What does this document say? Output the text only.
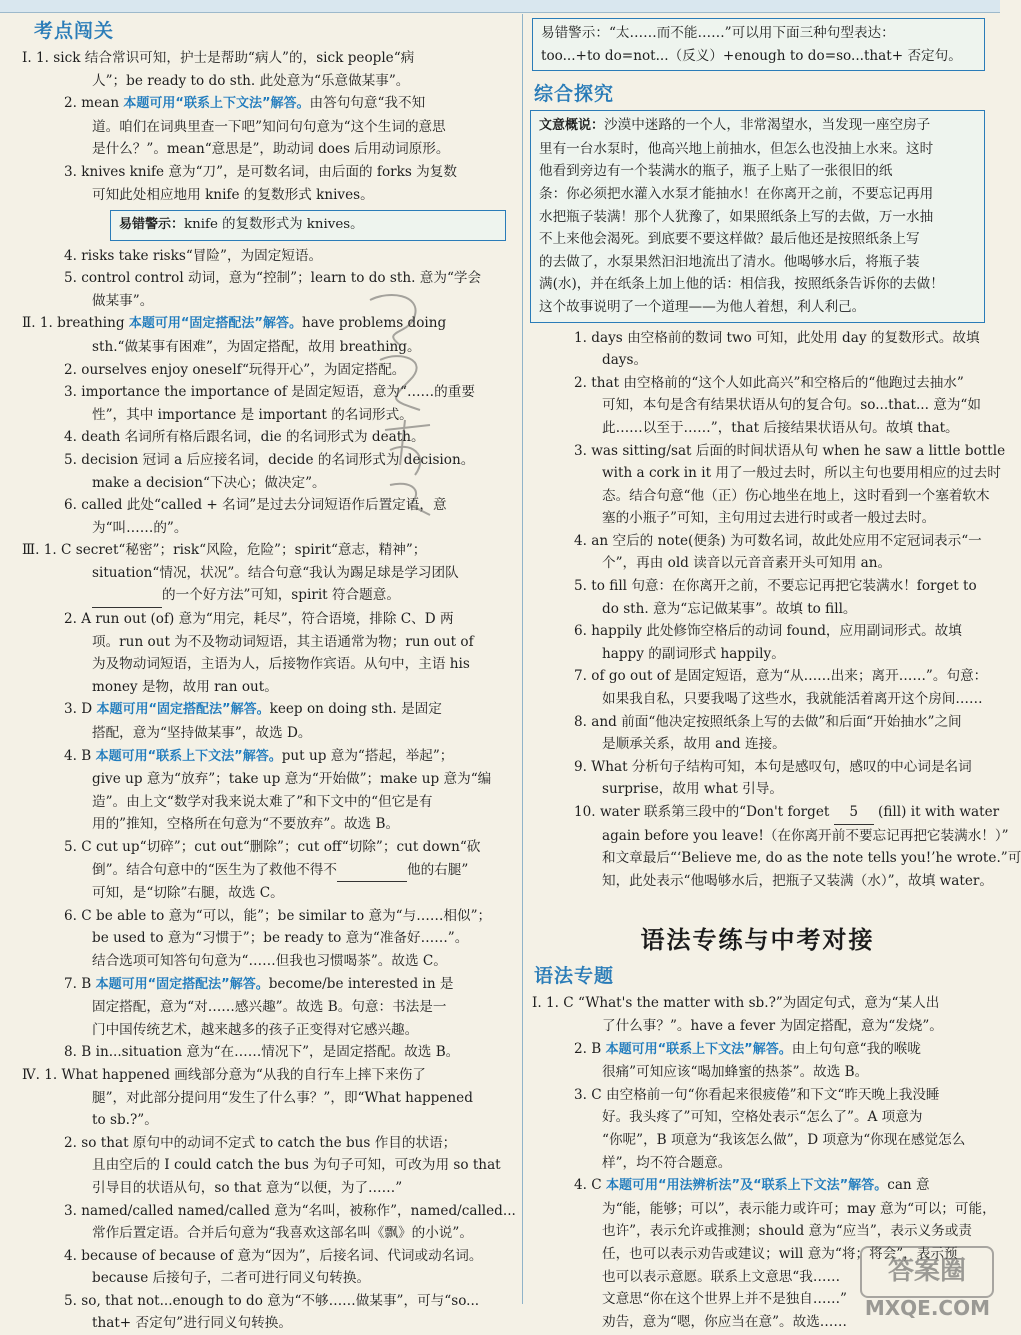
考点闯关
Ⅰ. 1. sick 结合常识可知，护士是帮助“病人”的，sick people“病
人”；be ready to do sth. 此处意为“乐意做某事”。
2. mean 本题可用“联系上下文法”解答。由答句句意“我不知
道。咱们在词典里查一下吧”知问句句意为“这个生词的意思
是什么？”。mean“意思是”，助动词 does 后用动词原形。
3. knives knife 意为“刀”，是可数名词，由后面的 forks 为复数
可知此处相应地用 knife 的复数形式 knives。
易错警示：knife 的复数形式为 knives。
4. risks take risks“冒险”，为固定短语。
5. control control 动词，意为“控制”；learn to do sth. 意为“学会
做某事”。
Ⅱ. 1. breathing 本题可用“固定搭配法”解答。have problems doing
sth.“做某事有困难”，为固定搭配，故用 breathing。
2. ourselves enjoy oneself“玩得开心”，为固定搭配。
3. importance the importance of 是固定短语，意为“……的重要
性”，其中 importance 是 important 的名词形式。
4. death 名词所有格后跟名词，die 的名词形式为 death。
5. decision 冠词 a 后应接名词，decide 的名词形式为 decision。
make a decision“下决心；做决定”。
6. called 此处“called + 名词”是过去分词短语作后置定语，意
为“叫……的”。
Ⅲ. 1. C secret“秘密”；risk“风险，危险”；spirit“意志，精神”；
situation“情况，状况”。结合句意“我认为踢足球是学习团队
的一个好方法”可知，spirit 符合题意。
2. A run out (of) 意为“用完，耗尽”，符合语境，排除 C、D 两
项。run out 为不及物动词短语，其主语通常为物；run out of
为及物动词短语，主语为人，后接物作宾语。从句中，主语 his
money 是物，故用 ran out。
3. D 本题可用“固定搭配法”解答。keep on doing sth. 是固定
搭配，意为“坚持做某事”，故选 D。
4. B 本题可用“联系上下文法”解答。put up 意为“搭起，举起”；
give up 意为“放弃”；take up 意为“开始做”；make up 意为“编
造”。由上文“数学对我来说太难了”和下文中的“但它是有
用的”推知，空格所在句意为“不要放弃”。故选 B。
5. C cut up“切碎”；cut out“删除”；cut off“切除”；cut down“砍
倒”。结合句意中的“医生为了救他不得不	他的右腿”
可知，是“切除”右腿，故选 C。
6. C be able to 意为“可以，能”；be similar to 意为“与……相似”；
be used to 意为“习惯于”；be ready to 意为“准备好……”。
结合选项可知答句句意为“……但我也习惯喝茶”。故选 C。
7. B 本题可用“固定搭配法”解答。become/be interested in 是
固定搭配，意为“对……感兴趣”。故选 B。句意：书法是一
门中国传统艺术，越来越多的孩子正变得对它感兴趣。
8. B in...situation 意为“在……情况下”，是固定搭配。故选 B。
Ⅳ. 1. What happened 画线部分意为“从我的自行车上摔下来伤了
腿”，对此部分提问用“发生了什么事？”，即“What happened
to sb.?”。
2. so that 原句中的动词不定式 to catch the bus 作目的状语；
且由空后的 I could catch the bus 为句子可知，可改为用 so that
引导目的状语从句，so that 意为“以便，为了……”
3. named/called named/called 意为“名叫，被称作”，named/called...
常作后置定语。合并后句意为“我喜欢这部名叫《飘》的小说”。
4. because of because of 意为“因为”，后接名词、代词或动名词。
because 后接句子，二者可进行同义句转换。
5. so, that not...enough to do 意为“不够……做某事”，可与“so...
that+ 否定句”进行同义句转换。
易错警示：“太……而不能……”可以用下面三种句型表达：
too...+to do=not...（反义）+enough to do=so...that+ 否定句。
综合探究
文意概说：沙漠中迷路的一个人，非常渴望水，当发现一座空房子
里有一台水泵时，他高兴地上前抽水，但怎么也没抽上水来。这时
他看到旁边有一个装满水的瓶子，瓶子上贴了一张很旧的纸
条：你必须把水灌入水泵才能抽水！在你离开之前，不要忘记再用
水把瓶子装满！那个人犹豫了，如果照纸条上写的去做，万一水抽
不上来他会渴死。到底要不要这样做？最后他还是按照纸条上写
的去做了，水泵果然汩汩地流出了清水。他喝够水后，将瓶子装
满(水)，并在纸条上加上他的话：相信我，按照纸条告诉你的去做！
这个故事说明了一个道理——为他人着想，利人利己。
1. days 由空格前的数词 two 可知，此处用 day 的复数形式。故填
days。
2. that 由空格前的“这个人如此高兴”和空格后的“他跑过去抽水”
可知，本句是含有结果状语从句的复合句。so...that... 意为“如
此……以至于……”，that 后接结果状语从句。故填 that。
3. was sitting/sat 后面的时间状语从句 when he saw a little bottle
with a cork in it 用了一般过去时，所以主句也要用相应的过去时
态。结合句意“他（正）伤心地坐在地上，这时看到一个塞着软木
塞的小瓶子”可知，主句用过去进行时或者一般过去时。
4. an 空后的 note(便条) 为可数名词，故此处应用不定冠词表示“一
个”，再由 old 读音以元音音素开头可知用 an。
5. to fill 句意：在你离开之前，不要忘记再把它装满水！forget to
do sth. 意为“忘记做某事”。故填 to fill。
6. happily 此处修饰空格后的动词 found，应用副词形式。故填
happy 的副词形式 happily。
7. of go out of 是固定短语，意为“从……出来；离开……”。句意：
如果我自私，只要我喝了这些水，我就能活着离开这个房间……
8. and 前面“他决定按照纸条上写的去做”和后面“开始抽水”之间
是顺承关系，故用 and 连接。
9. What 分析句子结构可知，本句是感叹句，感叹的中心词是名词
surprise，故用 what 引导。
10. water 联系第三段中的“Don't forget 5 (fill) it with water
again before you leave!（在你离开前不要忘记再把它装满水！）”
和文章最后“‘Believe me, do as the note tells you!’he wrote.”可
知，此处表示“他喝够水后，把瓶子又装满（水）”，故填 water。
语法专练与中考对接
语法专题
Ⅰ. 1. C “What's the matter with sb.?”为固定句式，意为“某人出
了什么事？”。have a fever 为固定搭配，意为“发烧”。
2. B 本题可用“联系上下文法”解答。由上句句意“我的喉咙
很痛”可知应该“喝加蜂蜜的热茶”。故选 B。
3. C 由空格前一句“你看起来很疲倦”和下文“昨天晚上我没睡
好。我头疼了”可知，空格处表示“怎么了”。A 项意为
“你呢”，B 项意为“我该怎么做”，D 项意为“你现在感觉怎么
样”，均不符合题意。
4. C 本题可用“用法辨析法”及“联系上下文法”解答。can 意
为“能，能够；可以”，表示能力或许可；may 意为“可以；可能，
也许”，表示允许或推测；should 意为“应当”，表示义务或责
任，也可以表示劝告或建议；will 意为“将；将会”，表示预
也可以表示意愿。联系上文意思“我……
文意思“你在这个世界上并不是独自……”
劝告，意为“嗯，你应当在意”。故选……
答案圈
MXQE.COM
